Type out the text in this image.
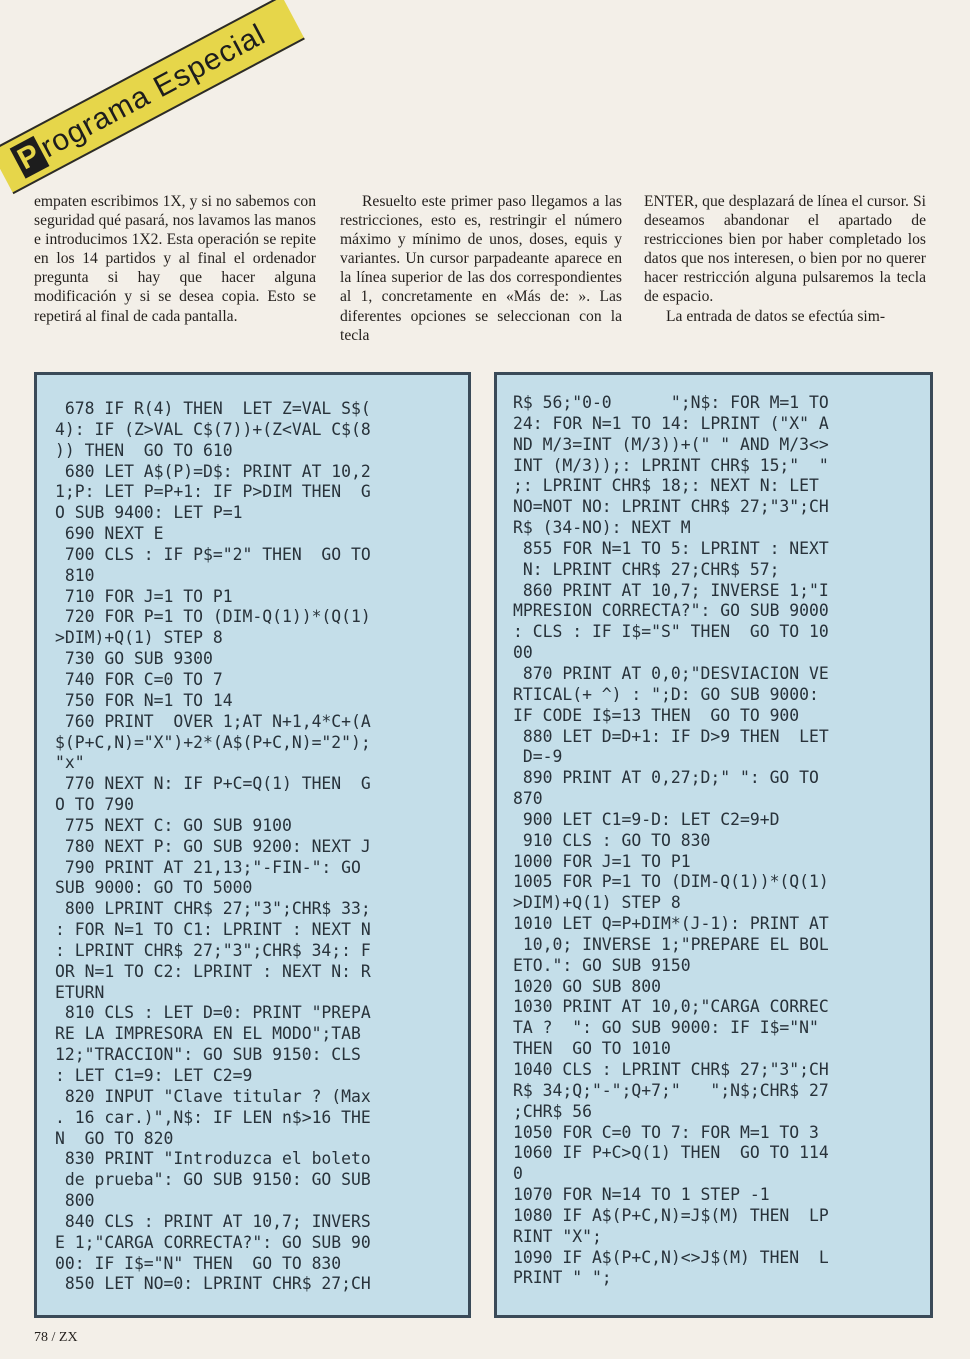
P
rograma Especial

empaten escribimos 1X, y si no sabemos con seguridad qué pasará, nos lavamos las manos e introducimos 1X2. Esta operación se repite en los 14 partidos y al final el ordenador pregunta si hay que hacer alguna modificación y si se desea copia. Esto se repetirá al final de cada pantalla.

Resuelto este primer paso llegamos a las restricciones, esto es, restringir el número máximo y mínimo de unos, doses, equis y variantes. Un cursor parpadeante aparece en la línea superior de las dos correspondientes al 1, concretamente en «Más de: ». Las diferentes opciones se seleccionan con la tecla

ENTER, que desplazará de línea el cursor. Si deseamos abandonar el apartado de restricciones bien por haber completado los datos que nos interesen, o bien por no querer hacer restricción alguna pulsaremos la tecla de espacio.

La entrada de datos se efectúa sim-

678 IF R(4) THEN  LET Z=VAL S$(
4): IF (Z>VAL C$(7))+(Z<VAL C$(8
)) THEN  GO TO 610
680 LET A$(P)=D$: PRINT AT 10,2
1;P: LET P=P+1: IF P>DIM THEN  G
O SUB 9400: LET P=1
690 NEXT E
700 CLS : IF P$="2" THEN  GO TO
810
710 FOR J=1 TO P1
720 FOR P=1 TO (DIM-Q(1))*(Q(1)
>DIM)+Q(1) STEP 8
730 GO SUB 9300
740 FOR C=0 TO 7
750 FOR N=1 TO 14
760 PRINT  OVER 1;AT N+1,4*C+(A
$(P+C,N)="X")+2*(A$(P+C,N)="2");
"x"
770 NEXT N: IF P+C=Q(1) THEN  G
O TO 790
775 NEXT C: GO SUB 9100
780 NEXT P: GO SUB 9200: NEXT J
790 PRINT AT 21,13;"-FIN-": GO
SUB 9000: GO TO 5000
800 LPRINT CHR$ 27;"3";CHR$ 33;
: FOR N=1 TO C1: LPRINT : NEXT N
: LPRINT CHR$ 27;"3";CHR$ 34;: F
OR N=1 TO C2: LPRINT : NEXT N: R
ETURN
810 CLS : LET D=0: PRINT "PREPA
RE LA IMPRESORA EN EL MODO";TAB
12;"TRACCION": GO SUB 9150: CLS
: LET C1=9: LET C2=9
820 INPUT "Clave titular ? (Max
. 16 car.)",N$: IF LEN n$>16 THE
N  GO TO 820
830 PRINT "Introduzca el boleto
de prueba": GO SUB 9150: GO SUB
800
840 CLS : PRINT AT 10,7; INVERS
E 1;"CARGA CORRECTA?": GO SUB 90
00: IF I$="N" THEN  GO TO 830
850 LET NO=0: LPRINT CHR$ 27;CH
R$ 56;"0-0      ";N$: FOR M=1 TO
24: FOR N=1 TO 14: LPRINT ("X" A
ND M/3=INT (M/3))+(" " AND M/3<>
INT (M/3));: LPRINT CHR$ 15;"  "
;: LPRINT CHR$ 18;: NEXT N: LET
NO=NOT NO: LPRINT CHR$ 27;"3";CH
R$ (34-NO): NEXT M
855 FOR N=1 TO 5: LPRINT : NEXT
N: LPRINT CHR$ 27;CHR$ 57;
860 PRINT AT 10,7; INVERSE 1;"I
MPRESION CORRECTA?": GO SUB 9000
: CLS : IF I$="S" THEN  GO TO 10
00
870 PRINT AT 0,0;"DESVIACION VE
RTICAL(+ ^) : ";D: GO SUB 9000:
IF CODE I$=13 THEN  GO TO 900
880 LET D=D+1: IF D>9 THEN  LET
D=-9
890 PRINT AT 0,27;D;" ": GO TO
870
900 LET C1=9-D: LET C2=9+D
910 CLS : GO TO 830
1000 FOR J=1 TO P1
1005 FOR P=1 TO (DIM-Q(1))*(Q(1)
>DIM)+Q(1) STEP 8
1010 LET Q=P+DIM*(J-1): PRINT AT
10,0; INVERSE 1;"PREPARE EL BOL
ETO.": GO SUB 9150
1020 GO SUB 800
1030 PRINT AT 10,0;"CARGA CORREC
TA ?  ": GO SUB 9000: IF I$="N"
THEN  GO TO 1010
1040 CLS : LPRINT CHR$ 27;"3";CH
R$ 34;Q;"-";Q+7;"   ";N$;CHR$ 27
;CHR$ 56
1050 FOR C=0 TO 7: FOR M=1 TO 3
1060 IF P+C>Q(1) THEN  GO TO 114
0
1070 FOR N=14 TO 1 STEP -1
1080 IF A$(P+C,N)=J$(M) THEN  LP
RINT "X";
1090 IF A$(P+C,N)<>J$(M) THEN  L
PRINT " ";
78 / ZX
